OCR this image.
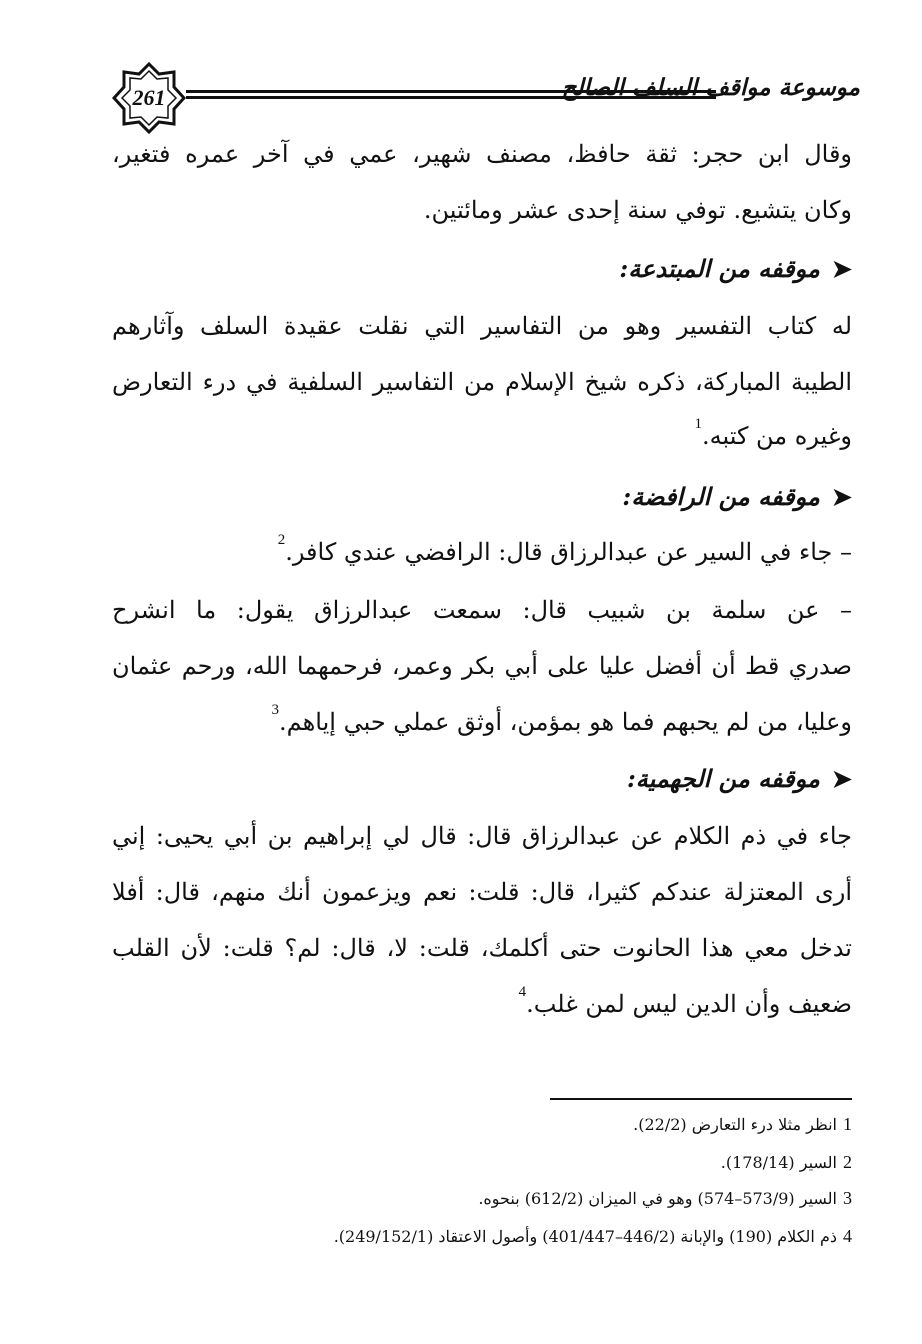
261	موسوعة مواقف السلف الصالح
وقال ابن حجر: ثقة حافظ، مصنف شهير، عمي في آخر عمره فتغير،
وكان يتشيع. توفي سنة إحدى عشر ومائتين.
➤موقفه من المبتدعة:
له كتاب التفسير وهو من التفاسير التي نقلت عقيدة السلف وآثارهم
الطيبة المباركة، ذكره شيخ الإسلام من التفاسير السلفية في درء التعارض
وغيره من كتبه.$^1$
➤موقفه من الرافضة:
– جاء في السير عن عبدالرزاق قال: الرافضي عندي كافر.$^2$
– عن سلمة بن شبيب قال: سمعت عبدالرزاق يقول: ما انشرح
صدري قط أن أفضل عليا على أبي بكر وعمر، فرحمهما الله، ورحم عثمان
وعليا، من لم يحبهم فما هو بمؤمن، أوثق عملي حبي إياهم.$^3$
➤موقفه من الجهمية:
جاء في ذم الكلام عن عبدالرزاق قال: قال لي إبراهيم بن أبي يحيى: إني
أرى المعتزلة عندكم كثيرا، قال: قلت: نعم ويزعمون أنك منهم، قال: أفلا
تدخل معي هذا الحانوت حتى أكلمك، قلت: لا، قال: لم؟ قلت: لأن القلب
ضعيف وأن الدين ليس لمن غلب.$^4$
1انظر مثلا درء التعارض (22/2).
2السير (178/14).
3السير (573/9–574) وهو في الميزان (612/2) بنحوه.
4ذم الكلام (190) والإبانة (446/2–401/447) وأصول الاعتقاد (249/152/1).
